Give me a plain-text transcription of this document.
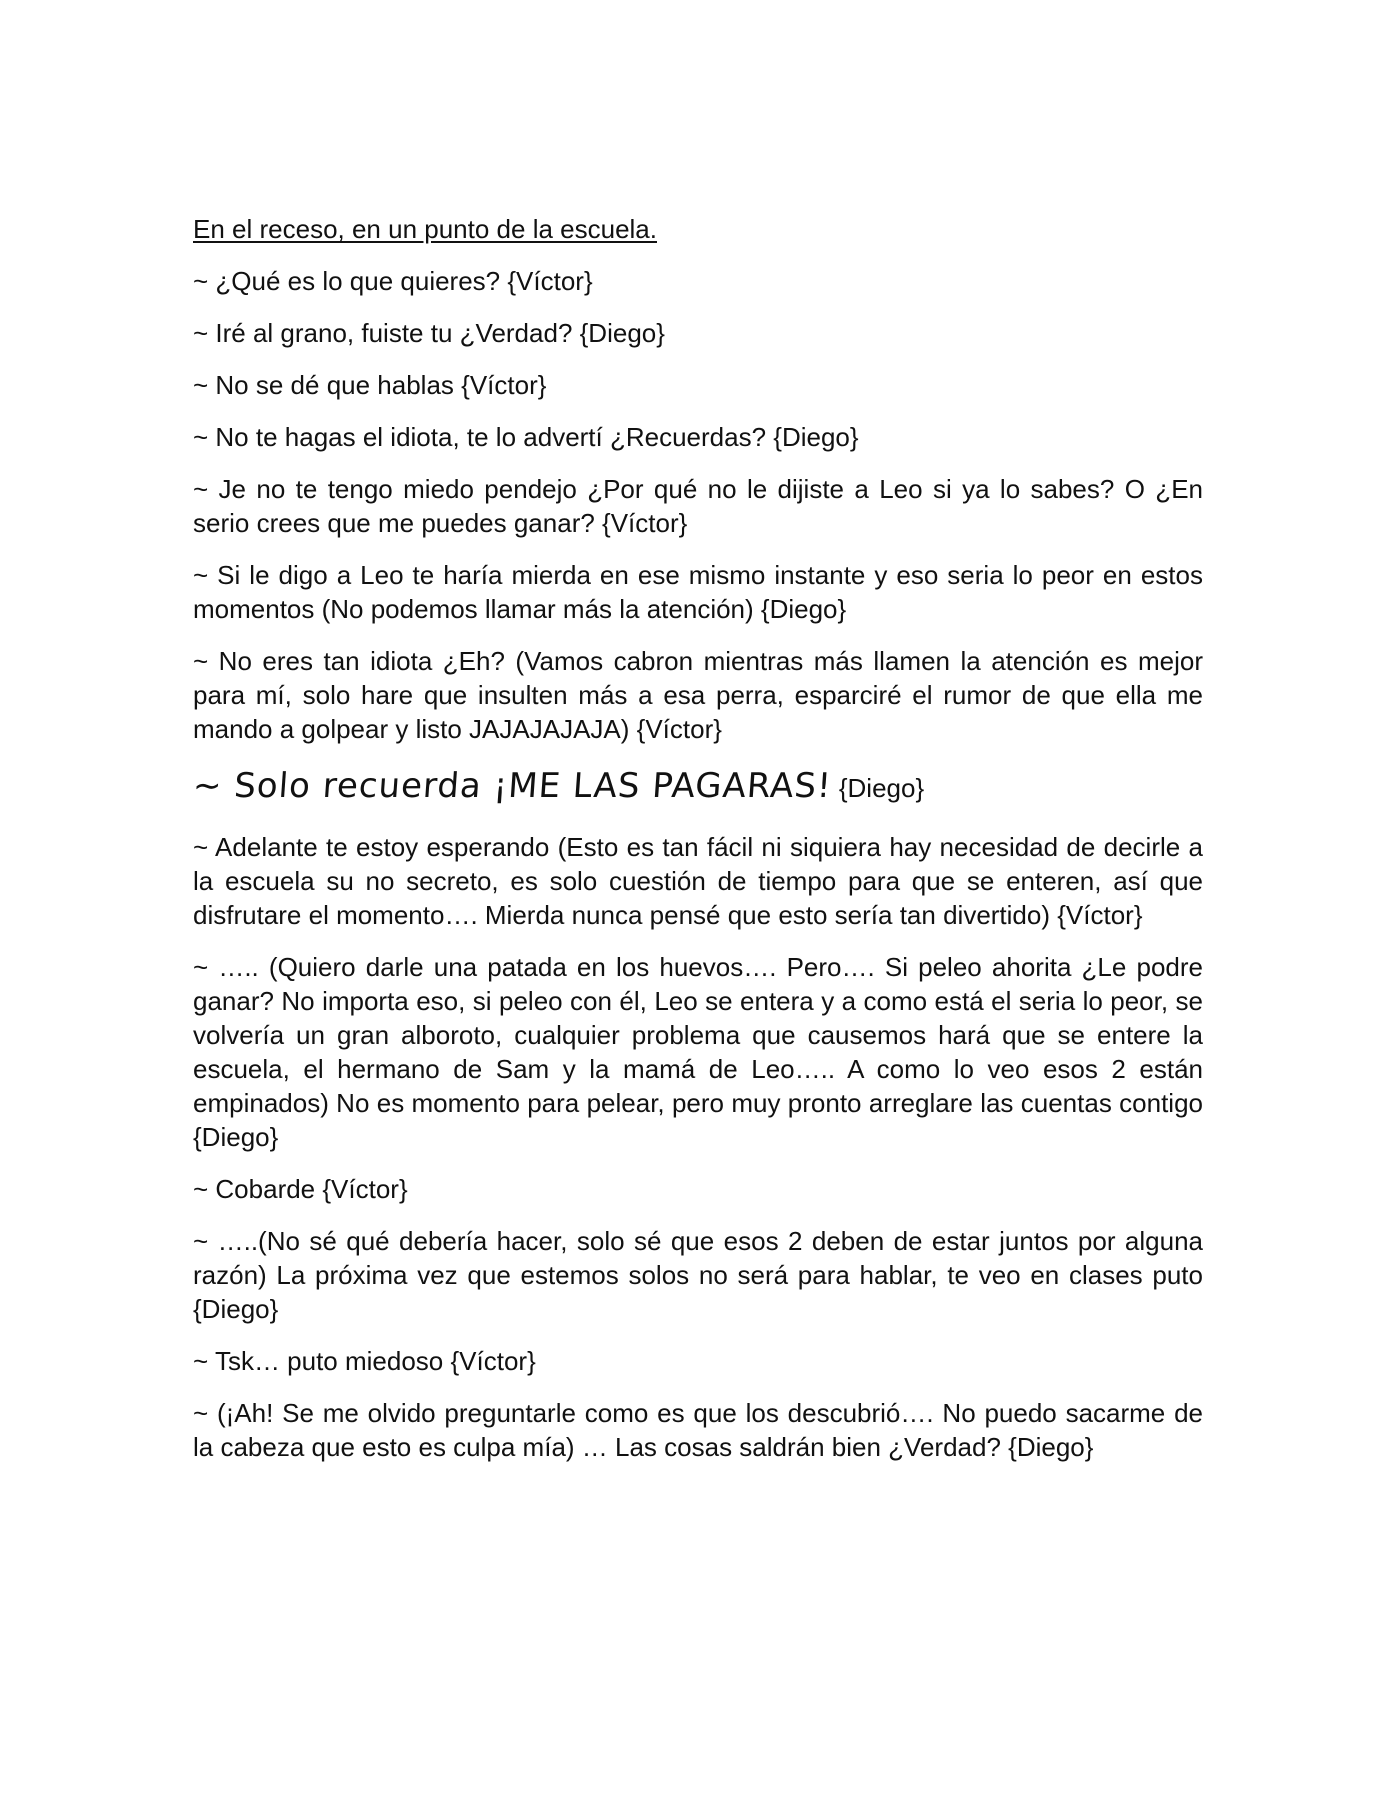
En el receso, en un punto de la escuela.

~ ¿Qué es lo que quieres? {Víctor}

~ Iré al grano, fuiste tu ¿Verdad? {Diego}

~ No se dé que hablas {Víctor}

~ No te hagas el idiota, te lo advertí ¿Recuerdas? {Diego}

~ Je no te tengo miedo pendejo ¿Por qué no le dijiste a Leo si ya lo sabes? O ¿En serio crees que me puedes ganar? {Víctor}

~ Si le digo a Leo te haría mierda en ese mismo instante y eso seria lo peor en estos momentos (No podemos llamar más la atención) {Diego}

~ No eres tan idiota ¿Eh? (Vamos cabron mientras más llamen la atención es mejor para mí, solo hare que insulten más a esa perra, esparciré el rumor de que ella me mando a golpear y listo JAJAJAJAJA) {Víctor}

~ Solo recuerda ¡ME LAS PAGARAS! {Diego}

~ Adelante te estoy esperando (Esto es tan fácil ni siquiera hay necesidad de decirle a la escuela su no secreto, es solo cuestión de tiempo para que se enteren, así que disfrutare el momento…. Mierda nunca pensé que esto sería tan divertido) {Víctor}

~ ….. (Quiero darle una patada en los huevos…. Pero…. Si peleo ahorita ¿Le podre ganar? No importa eso, si peleo con él, Leo se entera y a como está el seria lo peor, se volvería un gran alboroto, cualquier problema que causemos hará que se entere la escuela, el hermano de Sam y la mamá de Leo….. A como lo veo esos 2 están empinados) No es momento para pelear, pero muy pronto arreglare las cuentas contigo {Diego}

~ Cobarde {Víctor}

~ …..(No sé qué debería hacer, solo sé que esos 2 deben de estar juntos por alguna razón) La próxima vez que estemos solos no será para hablar, te veo en clases puto {Diego}

~ Tsk… puto miedoso {Víctor}

~ (¡Ah! Se me olvido preguntarle como es que los descubrió…. No puedo sacarme de la cabeza que esto es culpa mía) … Las cosas saldrán bien ¿Verdad? {Diego}
